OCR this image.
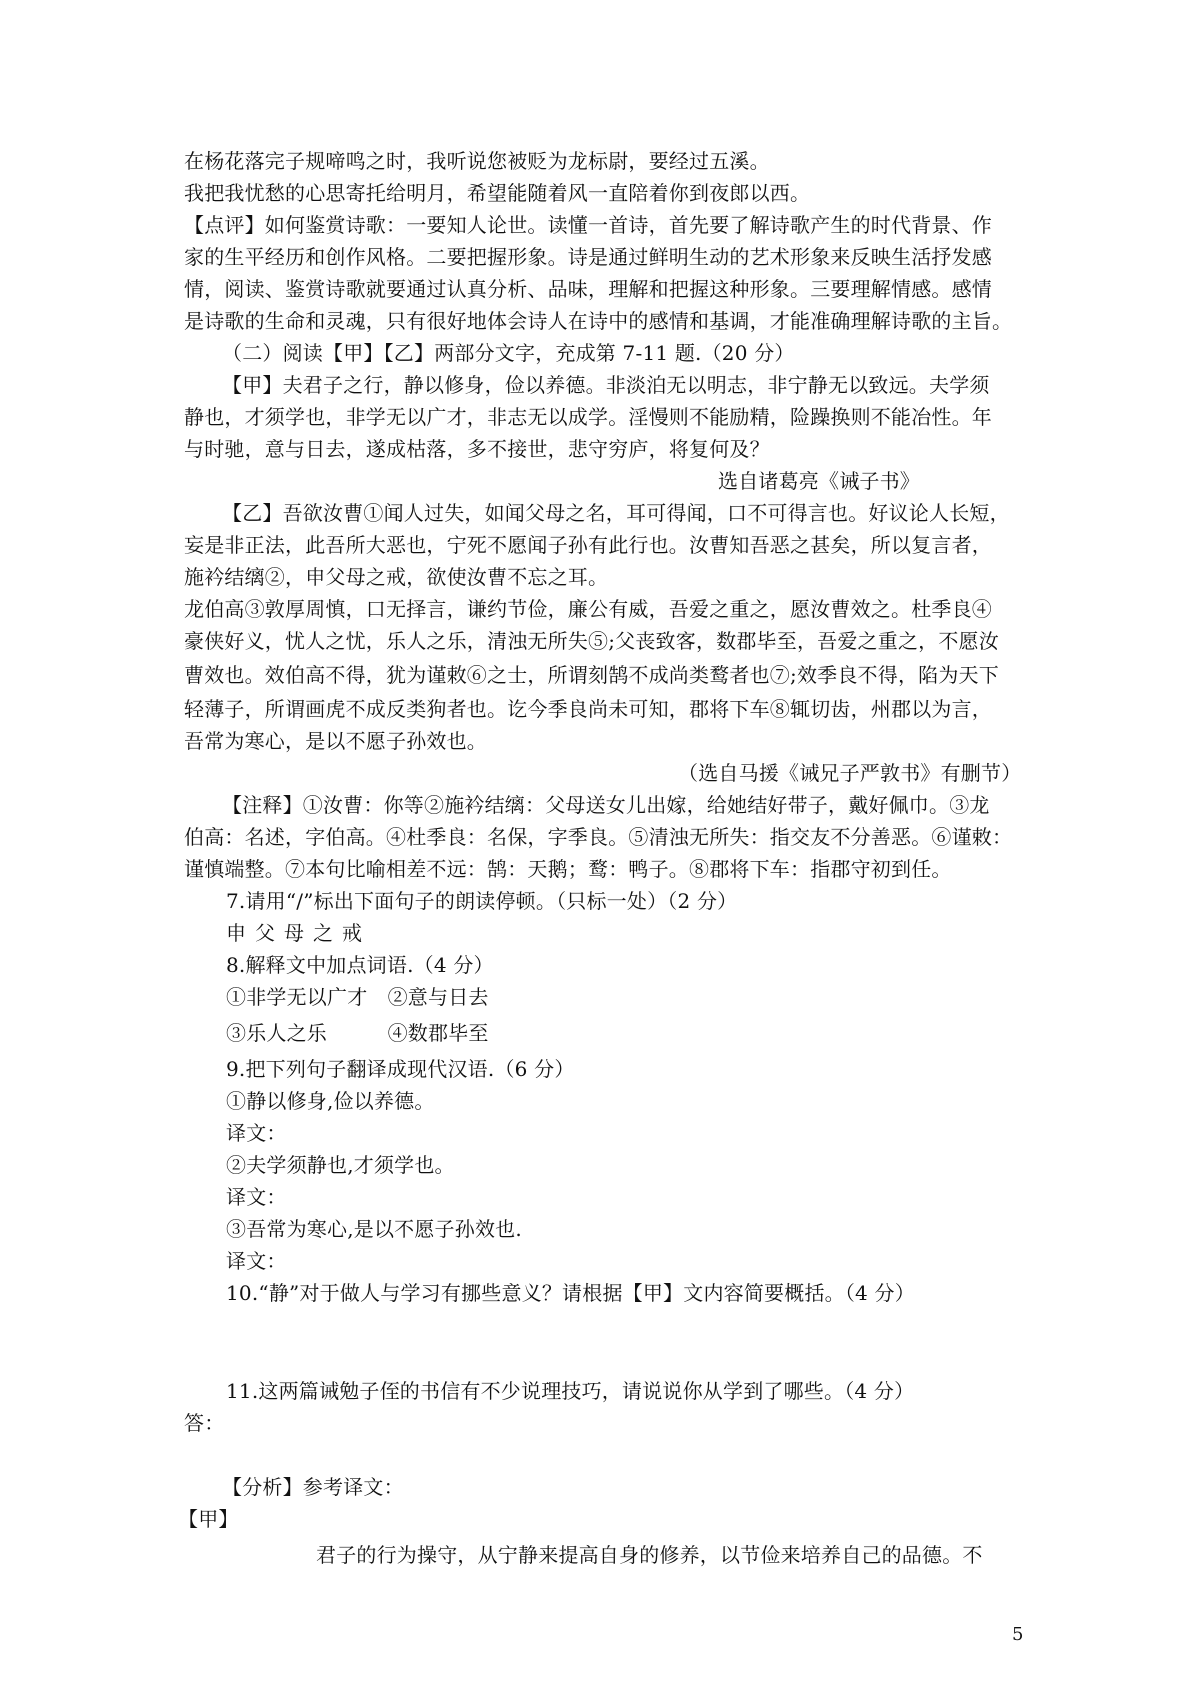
在杨花落完子规啼鸣之时，我听说您被贬为龙标尉，要经过五溪。
我把我忧愁的心思寄托给明月，希望能随着风一直陪着你到夜郎以西。
【点评】如何鉴赏诗歌：一要知人论世。读懂一首诗，首先要了解诗歌产生的时代背景、作
家的生平经历和创作风格。二要把握形象。诗是通过鲜明生动的艺术形象来反映生活抒发感
情，阅读、鉴赏诗歌就要通过认真分析、品味，理解和把握这种形象。三要理解情感。感情
是诗歌的生命和灵魂，只有很好地体会诗人在诗中的感情和基调，才能准确理解诗歌的主旨。
（二）阅读【甲】【乙】两部分文字，充成第 7-11 题.（20 分）
【甲】夫君子之行，静以修身，俭以养德。非淡泊无以明志，非宁静无以致远。夫学须
静也，才须学也，非学无以广才，非志无以成学。淫慢则不能励精，险躁换则不能冶性。年
与时驰，意与日去，遂成枯落，多不接世，悲守穷庐，将复何及？
选自诸葛亮《诫子书》
【乙】吾欲汝曹①闻人过失，如闻父母之名，耳可得闻，口不可得言也。好议论人长短，
妄是非正法，此吾所大恶也，宁死不愿闻子孙有此行也。汝曹知吾恶之甚矣，所以复言者，
施衿结缡②，申父母之戒，欲使汝曹不忘之耳。
龙伯高③敦厚周慎，口无择言，谦约节俭，廉公有威，吾爱之重之，愿汝曹效之。杜季良④
豪侠好义，忧人之忧，乐人之乐，清浊无所失⑤;父丧致客，数郡毕至，吾爱之重之，不愿汝
曹效也。效伯高不得，犹为谨敕⑥之士，所谓刻鹄不成尚类鹜者也⑦;效季良不得，陷为天下
轻薄子，所谓画虎不成反类狗者也。讫今季良尚未可知，郡将下车⑧辄切齿，州郡以为言，
吾常为寒心，是以不愿子孙效也。
（选自马援《诫兄子严敦书》有删节）
【注释】①汝曹：你等②施衿结缡：父母送女儿出嫁，给她结好带子，戴好佩巾。③龙
伯高：名述，字伯高。④杜季良：名保，字季良。⑤清浊无所失：指交友不分善恶。⑥谨敕：
谨慎端整。⑦本句比喻相差不远：鹄：天鹅；鹜：鸭子。⑧郡将下车：指郡守初到任。
7.请用“/”标出下面句子的朗读停顿。（只标一处）（2 分）
申父母之戒
8.解释文中加点词语.（4 分）
①非学无以广才　②意与日去
③乐人之乐　　　④数郡毕至
9.把下列句子翻译成现代汉语.（6 分）
①静以修身,俭以养德。
译文：
②夫学须静也,才须学也。
译文：
③吾常为寒心,是以不愿子孙效也.
译文：
10.“静”对于做人与学习有挪些意义？请根据【甲】文内容简要概括。（4 分）
11.这两篇诫勉子侄的书信有不少说理技巧，请说说你从学到了哪些。（4 分）
答：
【分析】参考译文：
【甲】
君子的行为操守，从宁静来提高自身的修养，以节俭来培养自己的品德。不
5
